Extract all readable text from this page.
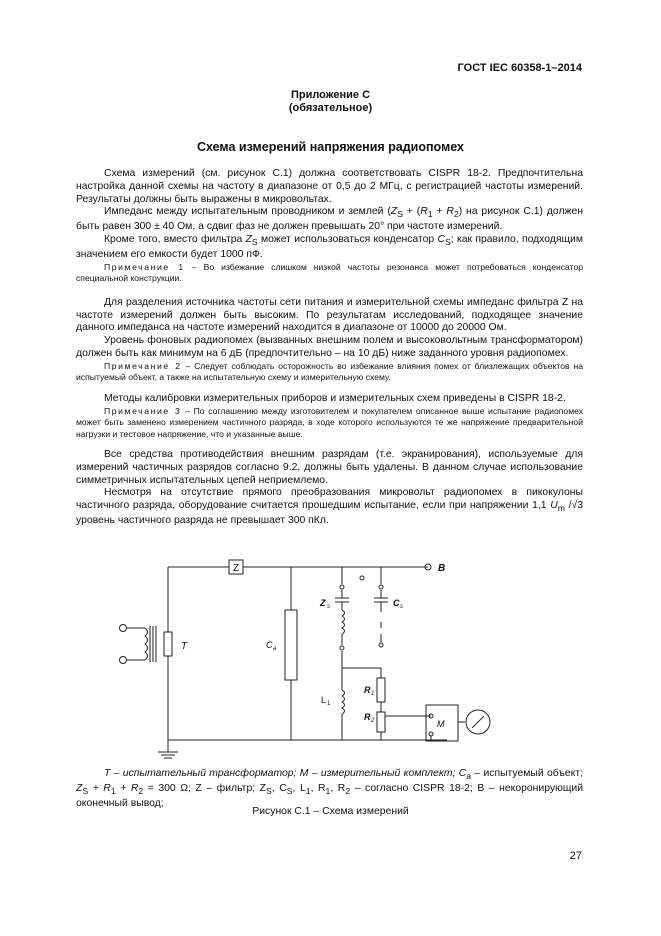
ГОСТ IEC 60358-1–2014
Приложение С
(обязательное)
Схема измерений напряжения радиопомех

Схема измерений (см. рисунок С.1) должна соответствовать CISPR 18-2. Предпочтительна настройка данной схемы на частоту в диапазоне от 0,5 до 2 МГц, с регистрацией частоты измерений. Результаты должны быть выражены в микровольтах.

Импеданс между испытательным проводником и землей ($Z_S + (R_1 + R_2)$ на рисунок С.1) должен быть равен 300 ± 40 Ом, а сдвиг фаз не должен превышать 20° при частоте измерений.

Кроме того, вместо фильтра $Z_S$ может использоваться конденсатор $C_S$; как правило, подходящим значением его емкости будет 1000 пФ.

Примечание 1 – Во избежание слишком низкой частоты резонанса может потребоваться конденсатор специальной конструкции.

Для разделения источника частоты сети питания и измерительной схемы импеданс фильтра Z на частоте измерений должен быть высоким. По результатам исследований, подходящее значение данного импеданса на частоте измерений находится в диапазоне от 10000 до 20000 Ом.

Уровень фоновых радиопомех (вызванных внешним полем и высоковольтным трансформатором) должен быть как минимум на 6 дБ (предпочтительно – на 10 дБ) ниже заданного уровня радиопомех.

Примечание 2 – Следует соблюдать осторожность во избежание влияния помех от близлежащих объектов на испытуемый объект, а также на испытательную схему и измерительную схему.

Методы калибровки измерительных приборов и измерительных схем приведены в CISPR 18-2.

Примечание 3 – По соглашению между изготовителем и покупателем описанное выше испытание радиопомех может быть заменено измерением частичного разряда, в ходе которого используются те же напряжение предварительной нагрузки и тестовое напряжение, что и указанные выше.

Все средства противодействия внешним разрядам (т.е. экранирования), используемые для измерений частичных разрядов согласно 9.2, должны быть удалены. В данном случае использование симметричных испытательных цепей неприемлемо.

Несмотря на отсутствие прямого преобразования микровольт радиопомех в пикокулоны частичного разряда, оборудование считается прошедшим испытание, если при напряжении 1,1 $U_m$ /√3 уровень частичного разряда не превышает 300 пКл.

Z	B
T	C a
Z s	C s
L 1
R 1
R 2	M

T – испытательный трансформатор; M – измерительный комплект; $C_a$ – испытуемый объект; $Z_S + R_1 + R_2 = 300$ Ω; Z – фильтр; $Z_S$, $C_S$, $L_1$, $R_1$, $R_2$ – согласно CISPR 18-2; B – некоронирующий оконечный вывод;

Рисунок С.1 – Схема измерений
27
